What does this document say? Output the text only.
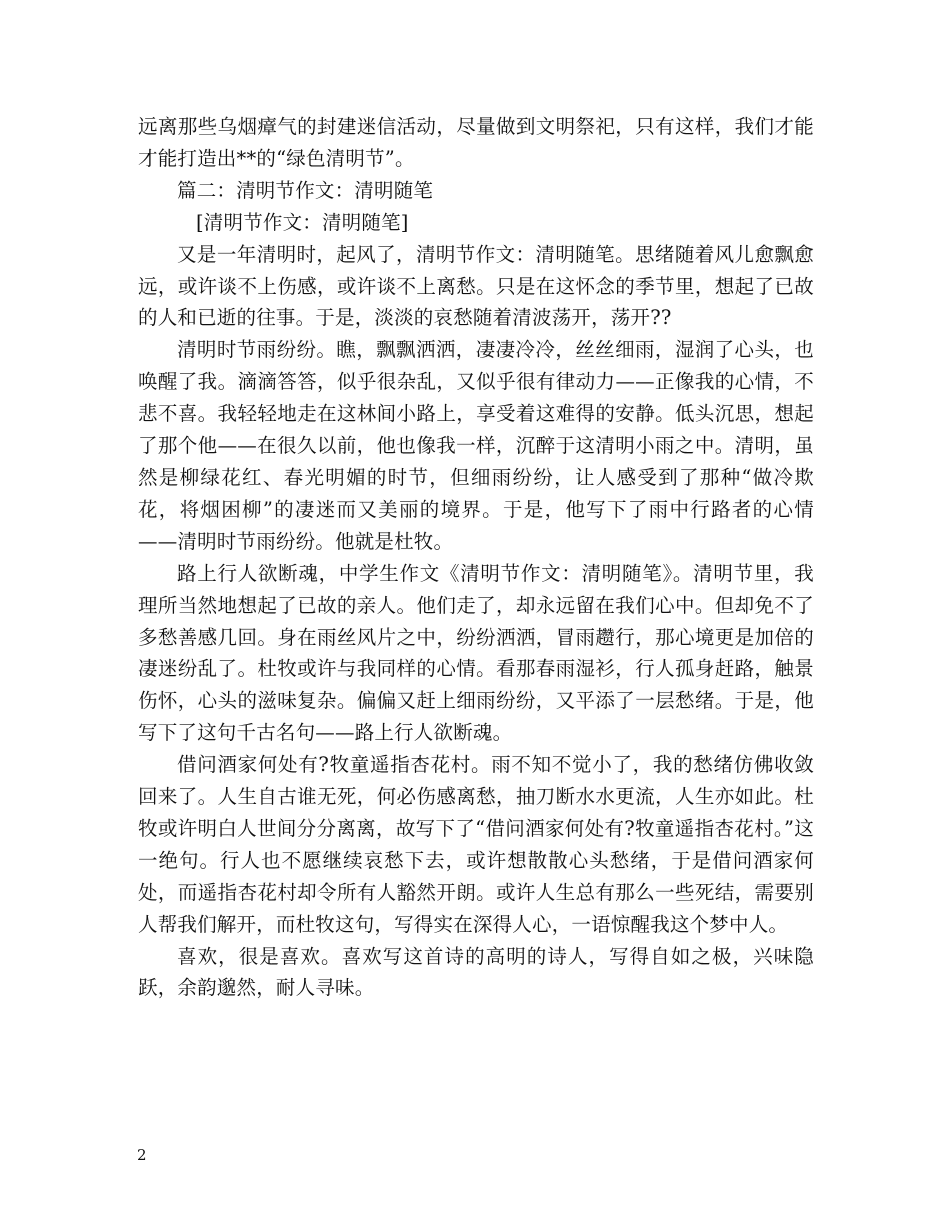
远离那些乌烟瘴气的封建迷信活动，尽量做到文明祭祀，只有这样，我们才能才能打造出**的“绿色清明节”。

篇二：清明节作文：清明随笔

[清明节作文：清明随笔]

又是一年清明时，起风了，清明节作文：清明随笔。思绪随着风儿愈飘愈远，或许谈不上伤感，或许谈不上离愁。只是在这怀念的季节里，想起了已故的人和已逝的往事。于是，淡淡的哀愁随着清波荡开，荡开??

清明时节雨纷纷。瞧，飘飘洒洒，凄凄冷冷，丝丝细雨，湿润了心头，也唤醒了我。滴滴答答，似乎很杂乱，又似乎很有律动力——正像我的心情，不悲不喜。我轻轻地走在这林间小路上，享受着这难得的安静。低头沉思，想起了那个他——在很久以前，他也像我一样，沉醉于这清明小雨之中。清明，虽然是柳绿花红、春光明媚的时节，但细雨纷纷，让人感受到了那种“做冷欺花，将烟困柳”的凄迷而又美丽的境界。于是，他写下了雨中行路者的心情——清明时节雨纷纷。他就是杜牧。

路上行人欲断魂，中学生作文《清明节作文：清明随笔》。清明节里，我理所当然地想起了已故的亲人。他们走了，却永远留在我们心中。但却免不了多愁善感几回。身在雨丝风片之中，纷纷洒洒，冒雨趱行，那心境更是加倍的凄迷纷乱了。杜牧或许与我同样的心情。看那春雨湿衫，行人孤身赶路，触景伤怀，心头的滋味复杂。偏偏又赶上细雨纷纷，又平添了一层愁绪。于是，他写下了这句千古名句——路上行人欲断魂。

借问酒家何处有?牧童遥指杏花村。雨不知不觉小了，我的愁绪仿佛收敛回来了。人生自古谁无死，何必伤感离愁，抽刀断水水更流，人生亦如此。杜牧或许明白人世间分分离离，故写下了“借问酒家何处有?牧童遥指杏花村。”这一绝句。行人也不愿继续哀愁下去，或许想散散心头愁绪，于是借问酒家何处，而遥指杏花村却令所有人豁然开朗。或许人生总有那么一些死结，需要别人帮我们解开，而杜牧这句，写得实在深得人心，一语惊醒我这个梦中人。

喜欢，很是喜欢。喜欢写这首诗的高明的诗人，写得自如之极，兴味隐跃，余韵邈然，耐人寻味。

2
